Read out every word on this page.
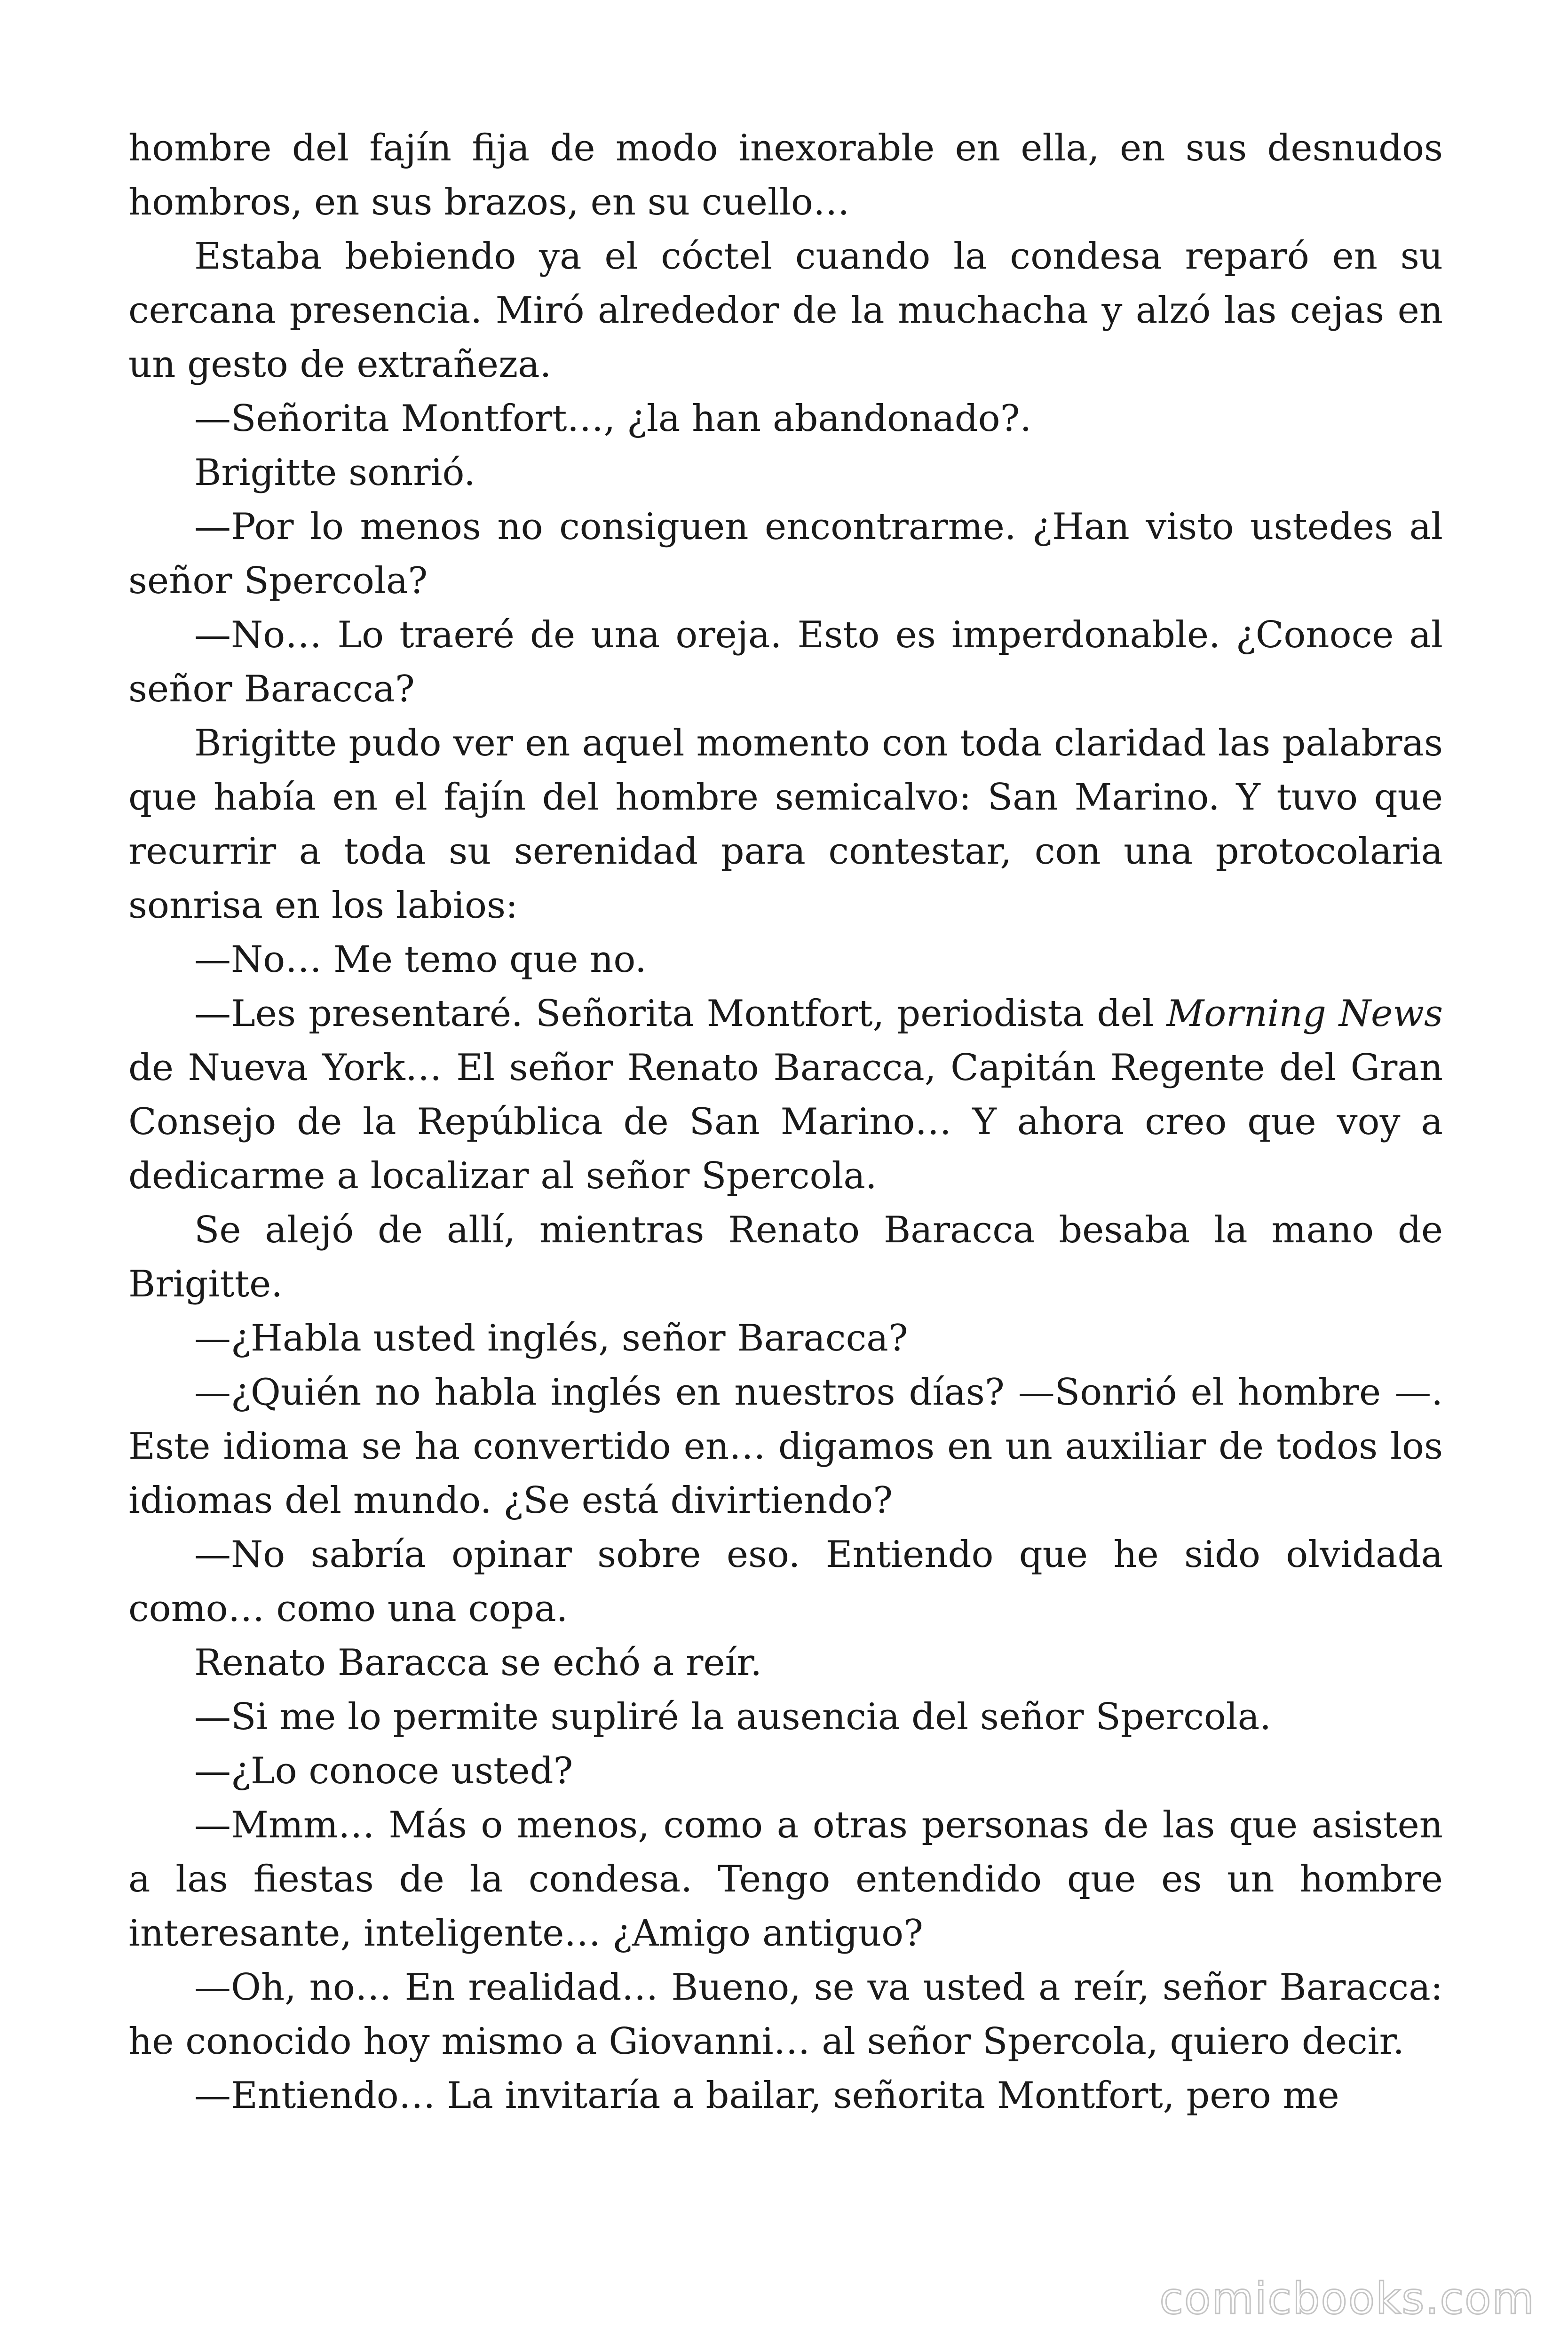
hombre del fajín fija de modo inexorable en ella, en sus desnudos hombros, en sus brazos, en su cuello…

Estaba bebiendo ya el cóctel cuando la condesa reparó en su cercana presencia. Miró alrededor de la muchacha y alzó las cejas en un gesto de extrañeza.

—Señorita Montfort…, ¿la han abandonado?.

Brigitte sonrió.

—Por lo menos no consiguen encontrarme. ¿Han visto ustedes al señor Spercola?

—No… Lo traeré de una oreja. Esto es imperdonable. ¿Conoce al señor Baracca?

Brigitte pudo ver en aquel momento con toda claridad las palabras que había en el fajín del hombre semicalvo: San Marino. Y tuvo que recurrir a toda su serenidad para contestar, con una protocolaria sonrisa en los labios:

—No… Me temo que no.

—Les presentaré. Señorita Montfort, periodista del Morning News de Nueva York… El señor Renato Baracca, Capitán Regente del Gran Consejo de la República de San Marino… Y ahora creo que voy a dedicarme a localizar al señor Spercola.

Se alejó de allí, mientras Renato Baracca besaba la mano de Brigitte.

—¿Habla usted inglés, señor Baracca?

—¿Quién no habla inglés en nuestros días? —Sonrió el hombre —. Este idioma se ha convertido en… digamos en un auxiliar de todos los idiomas del mundo. ¿Se está divirtiendo?

—No sabría opinar sobre eso. Entiendo que he sido olvidada como… como una copa.

Renato Baracca se echó a reír.

—Si me lo permite supliré la ausencia del señor Spercola.

—¿Lo conoce usted?

—Mmm… Más o menos, como a otras personas de las que asisten a las fiestas de la condesa. Tengo entendido que es un hombre interesante, inteligente… ¿Amigo antiguo?

—Oh, no… En realidad… Bueno, se va usted a reír, señor Baracca: he conocido hoy mismo a Giovanni… al señor Spercola, quiero decir.

—Entiendo… La invitaría a bailar, señorita Montfort, pero me

comicbooks.com
